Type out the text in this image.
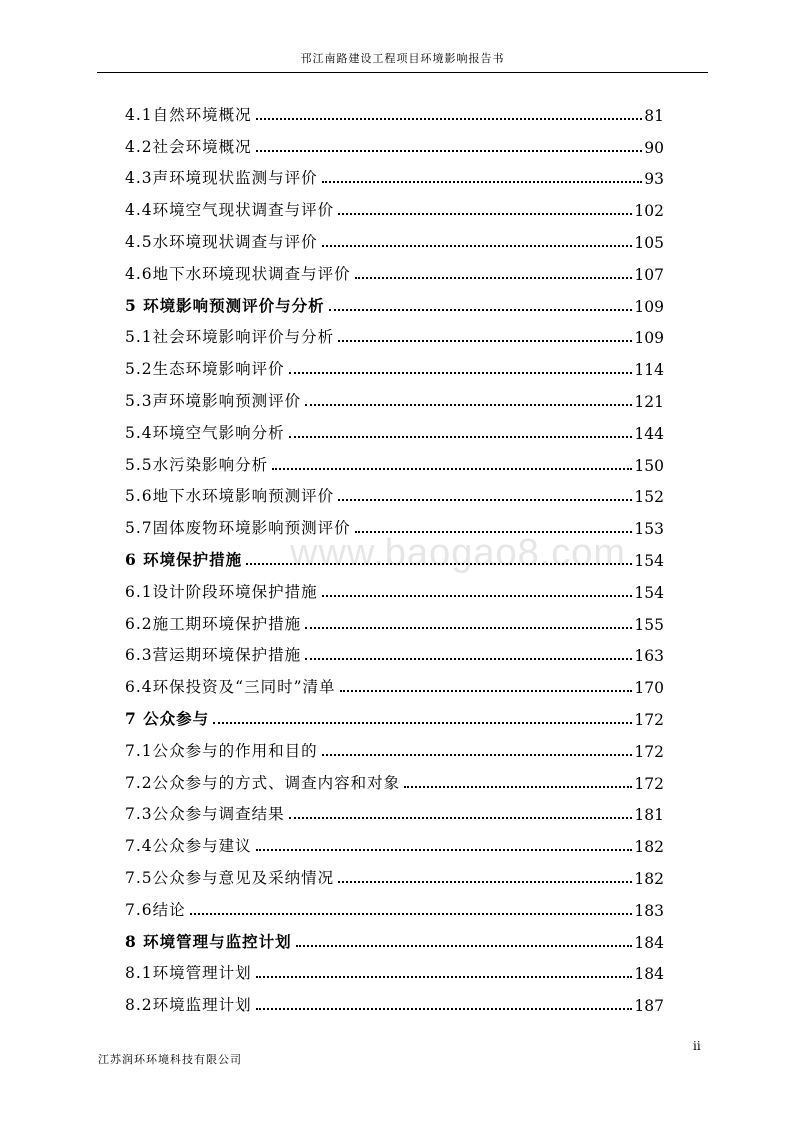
邗江南路建设工程项目环境影响报告书
www.baogao8.com
4.1自然环境概况	81
4.2社会环境概况	90
4.3声环境现状监测与评价	93
4.4环境空气现状调查与评价	102
4.5水环境现状调查与评价	105
4.6地下水环境现状调查与评价	107
5 环境影响预测评价与分析	109
5.1社会环境影响评价与分析	109
5.2生态环境影响评价	114
5.3声环境影响预测评价	121
5.4环境空气影响分析	144
5.5水污染影响分析	150
5.6地下水环境影响预测评价	152
5.7固体废物环境影响预测评价	153
6 环境保护措施	154
6.1设计阶段环境保护措施	154
6.2施工期环境保护措施	155
6.3营运期环境保护措施	163
6.4环保投资及“三同时”清单	170
7 公众参与	172
7.1公众参与的作用和目的	172
7.2公众参与的方式、调查内容和对象	172
7.3公众参与调查结果	181
7.4公众参与建议	182
7.5公众参与意见及采纳情况	182
7.6结论	183
8 环境管理与监控计划	184
8.1环境管理计划	184
8.2环境监理计划	187
ii
江苏润环环境科技有限公司
